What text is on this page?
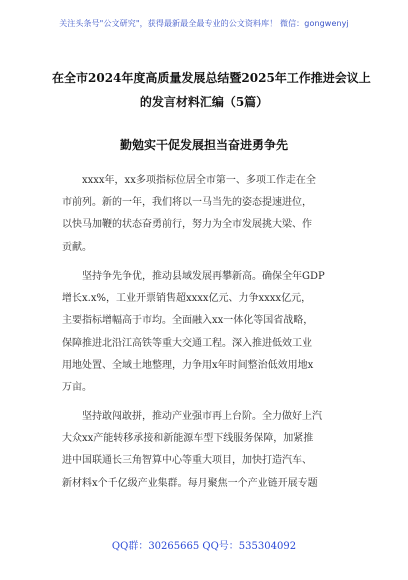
关注头条号"公文研究"，获得最新最全最专业的公文资料库！ 微信：gongwenyj
在全市2024年度高质量发展总结暨2025年工作推进会议上
的发言材料汇编（5篇）
勤勉实干促发展担当奋进勇争先
xxxx年，xx多项指标位居全市第一、多项工作走在全
市前列。新的一年，我们将以一马当先的姿态提速进位，
以快马加鞭的状态奋勇前行，努力为全市发展挑大梁、作
贡献。
坚持争先争优，推动县域发展再攀新高。确保全年GDP
增长x.x%，工业开票销售超xxxx亿元、力争xxxx亿元，
主要指标增幅高于市均。全面融入xx一体化等国省战略，
保障推进北沿江高铁等重大交通工程。深入推进低效工业
用地处置、全域土地整理，力争用x年时间整治低效用地x
万亩。
坚持敢闯敢拼，推动产业强市再上台阶。全力做好上汽
大众xx产能转移承接和新能源车型下线服务保障，加紧推
进中国联通长三角智算中心等重大项目，加快打造汽车、
新材料x个千亿级产业集群。每月聚焦一个产业链开展专题
QQ群：30265665 QQ号：535304092
